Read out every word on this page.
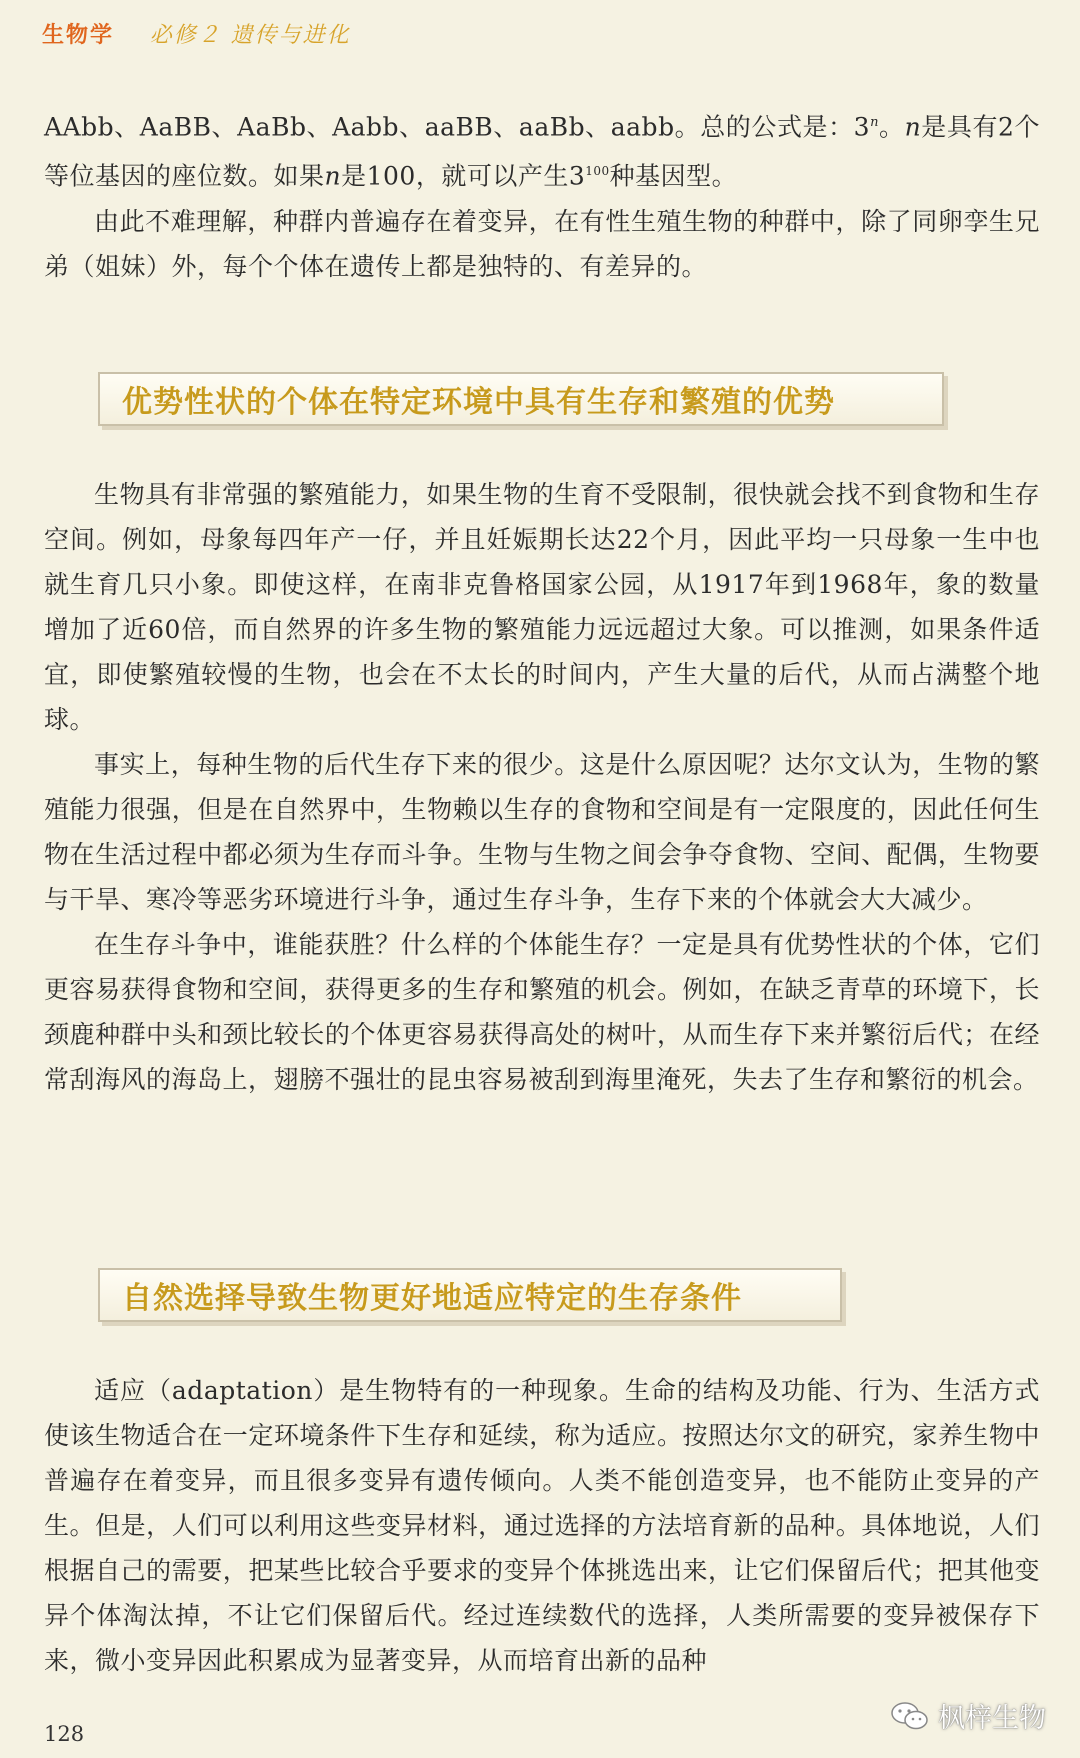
生物学 必修２ 遗传与进化

AAbb、AaBB、AaBb、Aabb、aaBB、aaBb、aabb。总的公式是：3$^n$。n是具有2个等位基因的座位数。如果n是100，就可以产生$3^{100}$种基因型。

由此不难理解，种群内普遍存在着变异，在有性生殖生物的种群中，除了同卵孪生兄弟（姐妹）外，每个个体在遗传上都是独特的、有差异的。

优势性状的个体在特定环境中具有生存和繁殖的优势

生物具有非常强的繁殖能力，如果生物的生育不受限制，很快就会找不到食物和生存空间。例如，母象每四年产一仔，并且妊娠期长达22个月，因此平均一只母象一生中也就生育几只小象。即使这样，在南非克鲁格国家公园，从1917年到1968年，象的数量增加了近60倍，而自然界的许多生物的繁殖能力远远超过大象。可以推测，如果条件适宜，即使繁殖较慢的生物，也会在不太长的时间内，产生大量的后代，从而占满整个地球。

事实上，每种生物的后代生存下来的很少。这是什么原因呢？达尔文认为，生物的繁殖能力很强，但是在自然界中，生物赖以生存的食物和空间是有一定限度的，因此任何生物在生活过程中都必须为生存而斗争。生物与生物之间会争夺食物、空间、配偶，生物要与干旱、寒冷等恶劣环境进行斗争，通过生存斗争，生存下来的个体就会大大减少。

在生存斗争中，谁能获胜？什么样的个体能生存？一定是具有优势性状的个体，它们更容易获得食物和空间，获得更多的生存和繁殖的机会。例如，在缺乏青草的环境下，长颈鹿种群中头和颈比较长的个体更容易获得高处的树叶，从而生存下来并繁衍后代；在经常刮海风的海岛上，翅膀不强壮的昆虫容易被刮到海里淹死，失去了生存和繁衍的机会。

自然选择导致生物更好地适应特定的生存条件

适应（adaptation）是生物特有的一种现象。生命的结构及功能、行为、生活方式使该生物适合在一定环境条件下生存和延续，称为适应。按照达尔文的研究，家养生物中普遍存在着变异，而且很多变异有遗传倾向。人类不能创造变异，也不能防止变异的产生。但是，人们可以利用这些变异材料，通过选择的方法培育新的品种。具体地说，人们根据自己的需要，把某些比较合乎要求的变异个体挑选出来，让它们保留后代；把其他变异个体淘汰掉，不让它们保留后代。经过连续数代的选择，人类所需要的变异被保存下来，微小变异因此积累成为显著变异，从而培育出新的品种

128	枫梓生物
